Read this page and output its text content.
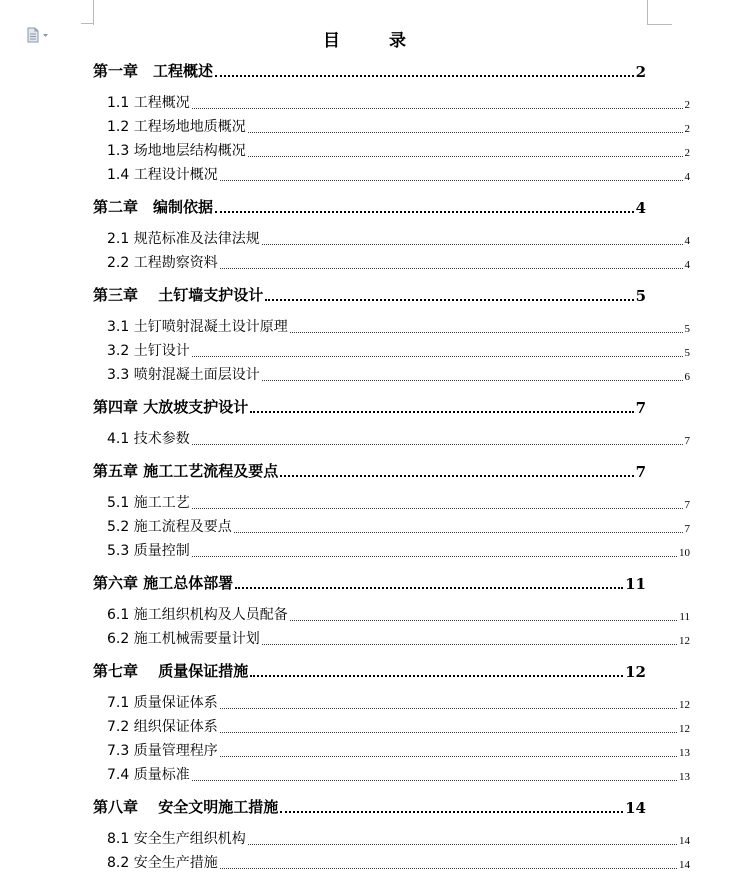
目　录
第一章　工程概述	2
1.1 工程概况	2
1.2 工程场地地质概况	2
1.3 场地地层结构概况	2
1.4 工程设计概况	4
第二章　编制依据	4
2.1 规范标准及法律法规	4
2.2 工程勘察资料	4
第三章　 土钉墙支护设计	5
3.1 土钉喷射混凝土设计原理	5
3.2 土钉设计	5
3.3 喷射混凝土面层设计	6
第四章 大放坡支护设计	7
4.1 技术参数	7
第五章 施工工艺流程及要点	7
5.1 施工工艺	7
5.2 施工流程及要点	7
5.3 质量控制	10
第六章 施工总体部署	11
6.1 施工组织机构及人员配备	11
6.2 施工机械需要量计划	12
第七章　 质量保证措施	12
7.1 质量保证体系	12
7.2 组织保证体系	12
7.3 质量管理程序	13
7.4 质量标准	13
第八章　 安全文明施工措施	14
8.1 安全生产组织机构	14
8.2 安全生产措施	14
